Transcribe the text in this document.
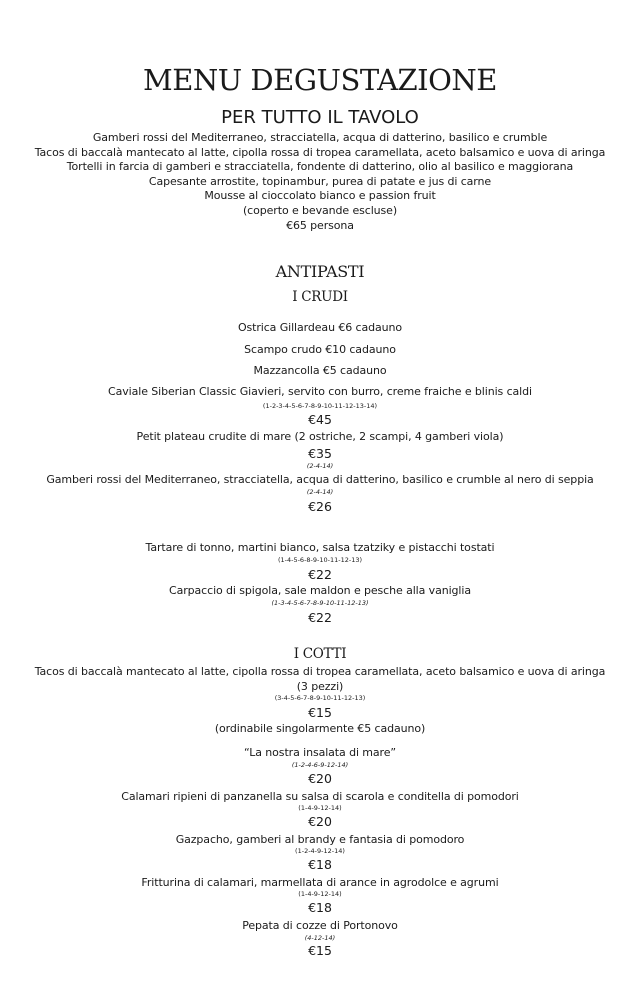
MENU DEGUSTAZIONE
PER TUTTO IL TAVOLO
Gamberi rossi del Mediterraneo, stracciatella, acqua di datterino, basilico e crumble
Tacos di baccalà mantecato al latte, cipolla rossa di tropea caramellata, aceto balsamico e uova di aringa
Tortelli in farcia di gamberi e stracciatella, fondente di datterino, olio al basilico e maggiorana
Capesante arrostite, topinambur, purea di patate e jus di carne
Mousse al cioccolato bianco e passion fruit
(coperto e bevande escluse)
€65 persona
ANTIPASTI
I CRUDI
Ostrica Gillardeau €6 cadauno
Scampo crudo €10 cadauno
Mazzancolla €5 cadauno
Caviale Siberian Classic Giavieri, servito con burro, creme fraiche e blinis caldi
(1-2-3-4-5-6-7-8-9-10-11-12-13-14)
€45
Petit plateau crudite di mare (2 ostriche, 2 scampi, 4 gamberi viola)
€35
(2-4-14)
Gamberi rossi del Mediterraneo, stracciatella, acqua di datterino, basilico e crumble al nero di seppia
(2-4-14)
€26
Tartare di tonno, martini bianco, salsa tzatziky e pistacchi tostati
(1-4-5-6-8-9-10-11-12-13)
€22
Carpaccio di spigola, sale maldon e pesche alla vaniglia
(1-3-4-5-6-7-8-9-10-11-12-13)
€22
I COTTI
Tacos di baccalà mantecato al latte, cipolla rossa di tropea caramellata, aceto balsamico e uova di aringa
(3 pezzi)
(3-4-5-6-7-8-9-10-11-12-13)
€15
(ordinabile singolarmente €5 cadauno)
“La nostra insalata di mare”
(1-2-4-6-9-12-14)
€20
Calamari ripieni di panzanella su salsa di scarola e conditella di pomodori
(1-4-9-12-14)
€20
Gazpacho, gamberi al brandy e fantasia di pomodoro
(1-2-4-9-12-14)
€18
Fritturina di calamari, marmellata di arance in agrodolce e agrumi
(1-4-9-12-14)
€18
Pepata di cozze di Portonovo
(4-12-14)
€15
